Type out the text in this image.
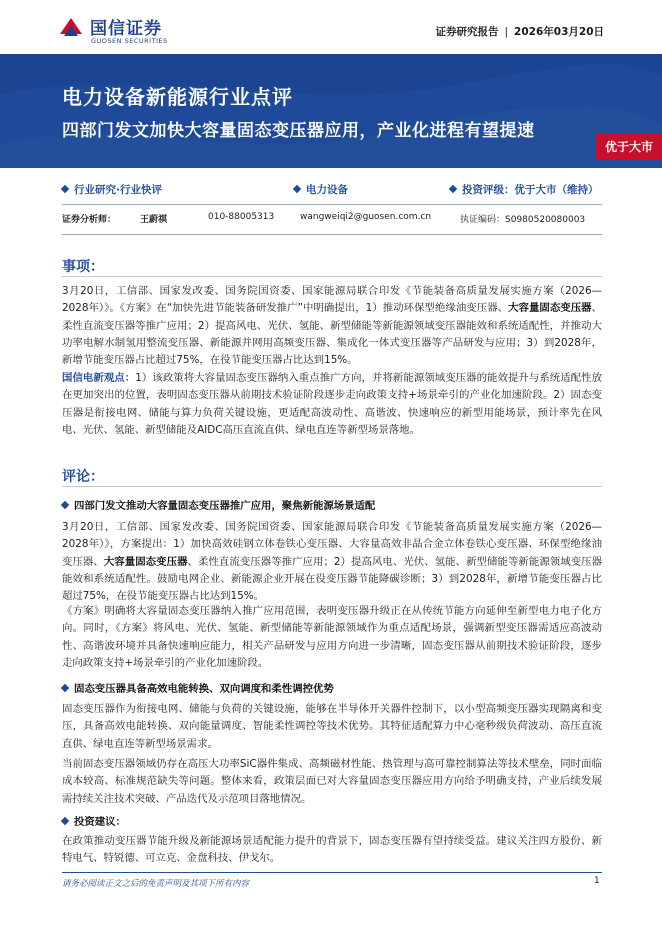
国信证券
GUOSEN SECURITIES
证券研究报告 | 2026年03月20日
电力设备新能源行业点评
四部门发文加快大容量固态变压器应用，产业化进程有望提速
优于大市
行业研究·行业快评	电力设备	投资评级：优于大市（维持）
证券分析师：	王蔚祺	010-88005313	wangweiqi2@guosen.com.cn	执证编码：S0980520080003
事项：
3月20日，工信部、国家发改委、国务院国资委、国家能源局联合印发《节能装备高质量发展实施方案（2026—2028年）》。《方案》在“加快先进节能装备研发推广”中明确提出，1）推动环保型绝缘油变压器、大容量固态变压器、柔性直流变压器等推广应用；2）提高风电、光伏、氢能、新型储能等新能源领域变压器能效和系统适配性，并推动大功率电解水制氢用整流变压器、新能源并网用高频变压器、集成化一体式变压器等产品研发与应用；3）到2028年，新增节能变压器占比超过75%，在役节能变压器占比达到15%。
国信电新观点：1）该政策将大容量固态变压器纳入重点推广方向，并将新能源领域变压器的能效提升与系统适配性放在更加突出的位置，表明固态变压器从前期技术验证阶段逐步走向政策支持+场景牵引的产业化加速阶段。2）固态变压器是衔接电网、储能与算力负荷关键设施，更适配高波动性、高谐波、快速响应的新型用能场景，预计率先在风电、光伏、氢能、新型储能及AIDC高压直流直供、绿电直连等新型场景落地。
评论：
四部门发文推动大容量固态变压器推广应用，聚焦新能源场景适配
3月20日，工信部、国家发改委、国务院国资委、国家能源局联合印发《节能装备高质量发展实施方案（2026—2028年）》，方案提出：1）加快高效硅钢立体卷铁心变压器、大容量高效非晶合金立体卷铁心变压器、环保型绝缘油变压器、大容量固态变压器、柔性直流变压器等推广应用；2）提高风电、光伏、氢能、新型储能等新能源领域变压器能效和系统适配性。鼓励电网企业、新能源企业开展在役变压器节能降碳诊断；3）到2028年，新增节能变压器占比超过75%，在役节能变压器占比达到15%。
《方案》明确将大容量固态变压器纳入推广应用范围，表明变压器升级正在从传统节能方向延伸至新型电力电子化方向。同时，《方案》将风电、光伏、氢能、新型储能等新能源领域作为重点适配场景，强调新型变压器需适应高波动性、高谐波环境并具备快速响应能力，相关产品研发与应用方向进一步清晰，固态变压器从前期技术验证阶段，逐步走向政策支持+场景牵引的产业化加速阶段。
固态变压器具备高效电能转换、双向调度和柔性调控优势
固态变压器作为衔接电网、储能与负荷的关键设施，能够在半导体开关器件控制下，以小型高频变压器实现隔离和变压，具备高效电能转换、双向能量调度、智能柔性调控等技术优势。其特征适配算力中心毫秒级负荷波动、高压直流直供、绿电直连等新型场景需求。
当前固态变压器领域仍存在高压大功率SiC器件集成、高频磁材性能、热管理与高可靠控制算法等技术壁垒，同时面临成本较高、标准规范缺失等问题。整体来看，政策层面已对大容量固态变压器应用方向给予明确支持，产业后续发展需持续关注技术突破、产品迭代及示范项目落地情况。
投资建议：
在政策推动变压器节能升级及新能源场景适配能力提升的背景下，固态变压器有望持续受益。建议关注四方股份、新特电气、特锐德、可立克、金盘科技、伊戈尔。
请务必阅读正文之后的免责声明及其项下所有内容	1
